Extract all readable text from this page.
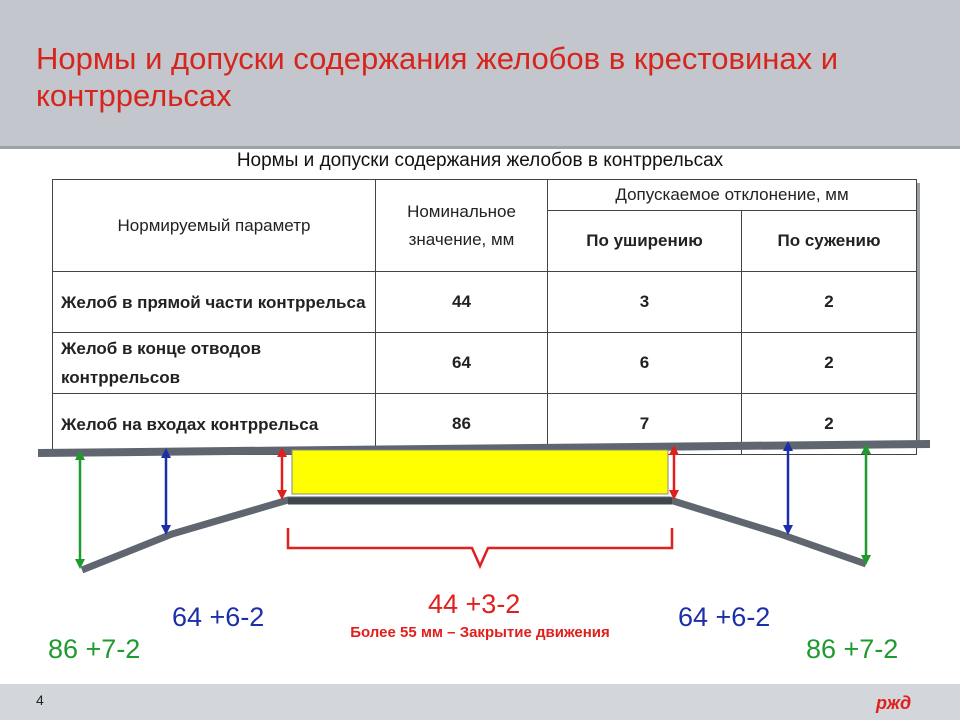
Нормы и допуски содержания желобов в крестовинах и контррельсах
Нормы и допуски содержания желобов в контррельсах
Нормируемый параметр	Номинальное значение, мм	Допускаемое отклонение, мм	
		По уширению	По сужению
Желоб в прямой части контррельса	44	3	2
Желоб в конце отводов контррельсов	64	6	2
Желоб на входах контррельса	86	7	2
86 +7-2
64 +6-2	44 +3-2
Более 55 мм – Закрытие движения
64 +6-2
86 +7-2
4	ржд
